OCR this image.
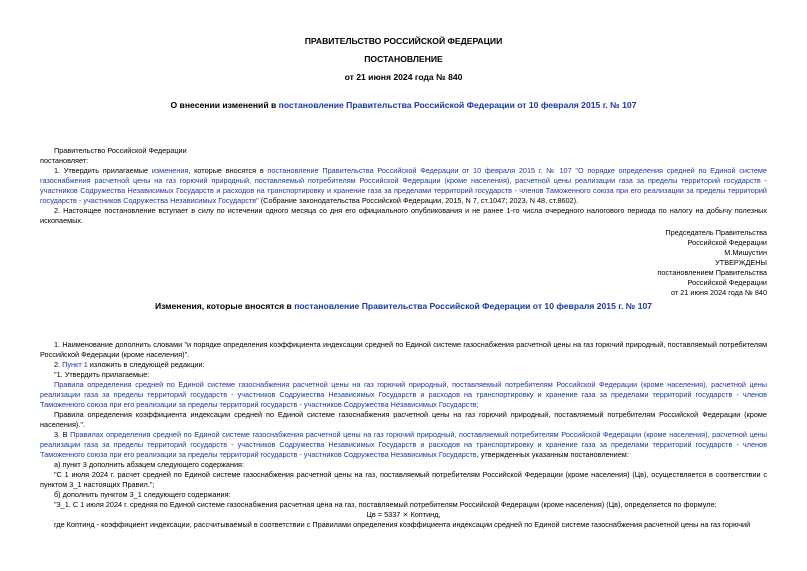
ПРАВИТЕЛЬСТВО РОССИЙСКОЙ ФЕДЕРАЦИИ

ПОСТАНОВЛЕНИЕ

от 21 июня 2024 года № 840

О внесении изменений в постановление Правительства Российской Федерации от 10 февраля 2015 г. № 107

Правительство Российской Федерации

постановляет:

1. Утвердить прилагаемые изменения, которые вносятся в постановление Правительства Российской Федерации от 10 февраля 2015 г. № 107 "О порядке определения средней по Единой системе газоснабжения расчетной цены на газ горючий природный, поставляемый потребителям Российской Федерации (кроме населения), расчетной цены реализации газа за пределы территорий государств - участников Содружества Независимых Государств и расходов на транспортировку и хранение газа за пределами территорий государств - членов Таможенного союза при его реализации за пределы территорий государств - участников Содружества Независимых Государств" (Собрание законодательства Российской Федерации, 2015, N 7, ст.1047; 2023, N 48, ст.8602).

2. Настоящее постановление вступает в силу по истечении одного месяца со дня его официального опубликования и не ранее 1-го числа очередного налогового периода по налогу на добычу полезных ископаемых.

Председатель Правительства

Российской Федерации

М.Мишустин

УТВЕРЖДЕНЫ

постановлением Правительства

Российской Федерации

от 21 июня 2024 года № 840

Изменения, которые вносятся в постановление Правительства Российской Федерации от 10 февраля 2015 г. № 107

1. Наименование дополнить словами "и порядке определения коэффициента индексации средней по Единой системе газоснабжения расчетной цены на газ горючий природный, поставляемый потребителям Российской Федерации (кроме населения)".

2. Пункт 1 изложить в следующей редакции:

"1. Утвердить прилагаемые:

Правила определения средней по Единой системе газоснабжения расчетной цены на газ горючий природный, поставляемый потребителям Российской Федерации (кроме населения), расчетной цены реализации газа за пределы территорий государств - участников Содружества Независимых Государств и расходов на транспортировку и хранение газа за пределами территорий государств - членов Таможенного союза при его реализации за пределы территорий государств - участников Содружества Независимых Государств;

Правила определения коэффициента индексации средней по Единой системе газоснабжения расчетной цены на газ горючий природный, поставляемый потребителям Российской Федерации (кроме населения).".

3. В Правилах определения средней по Единой системе газоснабжения расчетной цены на газ горючий природный, поставляемый потребителям Российской Федерации (кроме населения), расчетной цены реализации газа за пределы территорий государств - участников Содружества Независимых Государств и расходов на транспортировку и хранение газа за пределами территорий государств - членов Таможенного союза при его реализации за пределы территорий государств - участников Содружества Независимых Государств, утвержденных указанным постановлением:

а) пункт 3 дополнить абзацем следующего содержания:

"С 1 июля 2024 г. расчет средней по Единой системе газоснабжения расчетной цены на газ, поставляемый потребителям Российской Федерации (кроме населения) (Цв), осуществляется в соответствии с пунктом 3_1 настоящих Правил.";

б) дополнить пунктом 3_1 следующего содержания:

"3_1. С 1 июля 2024 г. средняя по Единой системе газоснабжения расчетная цена на газ, поставляемый потребителям Российской Федерации (кроме населения) (Цв), определяется по формуле:

Цв = 5337 ⨯ Коптинд,

где Коптинд - коэффициент индексации, рассчитываемый в соответствии с Правилами определения коэффициента индексации средней по Единой системе газоснабжения расчетной цены на газ горючий
